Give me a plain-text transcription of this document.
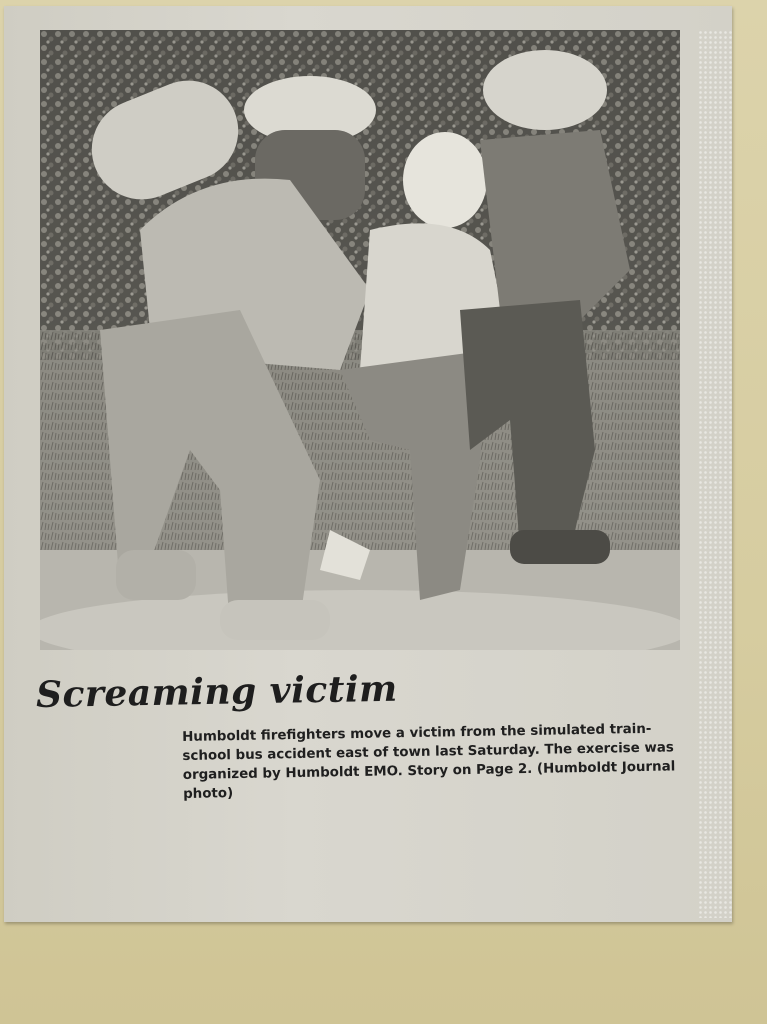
Screaming victim

Humboldt firefighters move a victim from the simulated train-school bus accident east of town last Saturday. The exercise was organized by Humboldt EMO. Story on Page 2. (Humboldt Journal photo)
